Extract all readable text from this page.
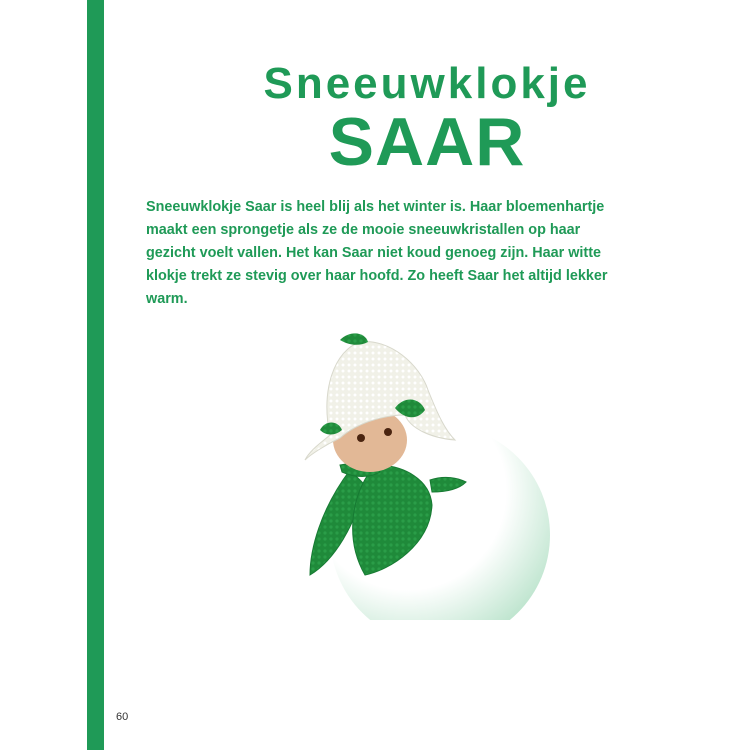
Sneeuwklokje
SAAR
Sneeuwklokje Saar is heel blij als het winter is. Haar bloemenhartje maakt een sprongetje als ze de mooie sneeuwkristallen op haar gezicht voelt vallen. Het kan Saar niet koud genoeg zijn. Haar witte klokje trekt ze stevig over haar hoofd. Zo heeft Saar het altijd lekker warm.
60
